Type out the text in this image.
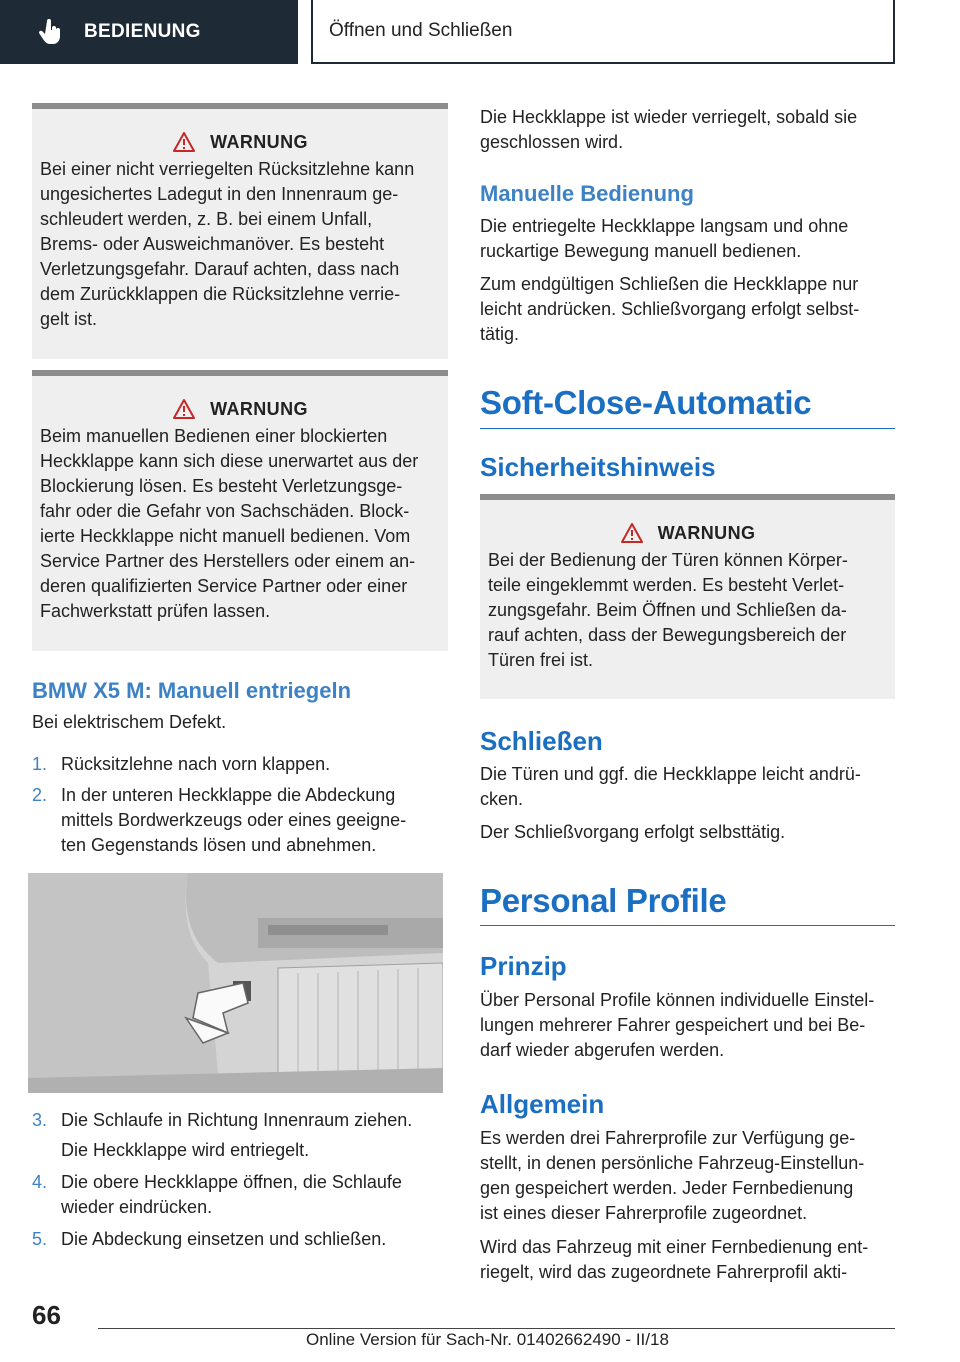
BEDIENUNG	Öffnen und Schließen
WARNUNG

Bei einer nicht verriegelten Rücksitzlehne kann
ungesichertes Ladegut in den Innenraum ge-
schleudert werden, z. B. bei einem Unfall,
Brems- oder Ausweichmanöver. Es besteht
Verletzungsgefahr. Darauf achten, dass nach
dem Zurückklappen die Rücksitzlehne verrie-
gelt ist.

WARNUNG

Beim manuellen Bedienen einer blockierten
Heckklappe kann sich diese unerwartet aus der
Blockierung lösen. Es besteht Verletzungsge-
fahr oder die Gefahr von Sachschäden. Block-
ierte Heckklappe nicht manuell bedienen. Vom
Service Partner des Herstellers oder einem an-
deren qualifizierten Service Partner oder einer
Fachwerkstatt prüfen lassen.

BMW X5 M: Manuell entriegeln

Bei elektrischem Defekt.

1. Rücksitzlehne nach vorn klappen.
2. In der unteren Heckklappe die Abdeckung
mittels Bordwerkzeugs oder eines geeigne-
ten Gegenstands lösen und abnehmen.
3. Die Schlaufe in Richtung Innenraum ziehen.
Die Heckklappe wird entriegelt.
4. Die obere Heckklappe öffnen, die Schlaufe
wieder eindrücken.
5. Die Abdeckung einsetzen und schließen.

Die Heckklappe ist wieder verriegelt, sobald sie
geschlossen wird.

Manuelle Bedienung

Die entriegelte Heckklappe langsam und ohne
ruckartige Bewegung manuell bedienen.

Zum endgültigen Schließen die Heckklappe nur
leicht andrücken. Schließvorgang erfolgt selbst-
tätig.

Soft-Close-Automatic
Sicherheitshinweis
WARNUNG

Bei der Bedienung der Türen können Körper-
teile eingeklemmt werden. Es besteht Verlet-
zungsgefahr. Beim Öffnen und Schließen da-
rauf achten, dass der Bewegungsbereich der
Türen frei ist.

Schließen

Die Türen und ggf. die Heckklappe leicht andrü-
cken.

Der Schließvorgang erfolgt selbsttätig.

Personal Profile
Prinzip

Über Personal Profile können individuelle Einstel-
lungen mehrerer Fahrer gespeichert und bei Be-
darf wieder abgerufen werden.

Allgemein

Es werden drei Fahrerprofile zur Verfügung ge-
stellt, in denen persönliche Fahrzeug-Einstellun-
gen gespeichert werden. Jeder Fernbedienung
ist eines dieser Fahrerprofile zugeordnet.

Wird das Fahrzeug mit einer Fernbedienung ent-
riegelt, wird das zugeordnete Fahrerprofil akti-

66
Online Version für Sach-Nr. 01402662490 - II/18
